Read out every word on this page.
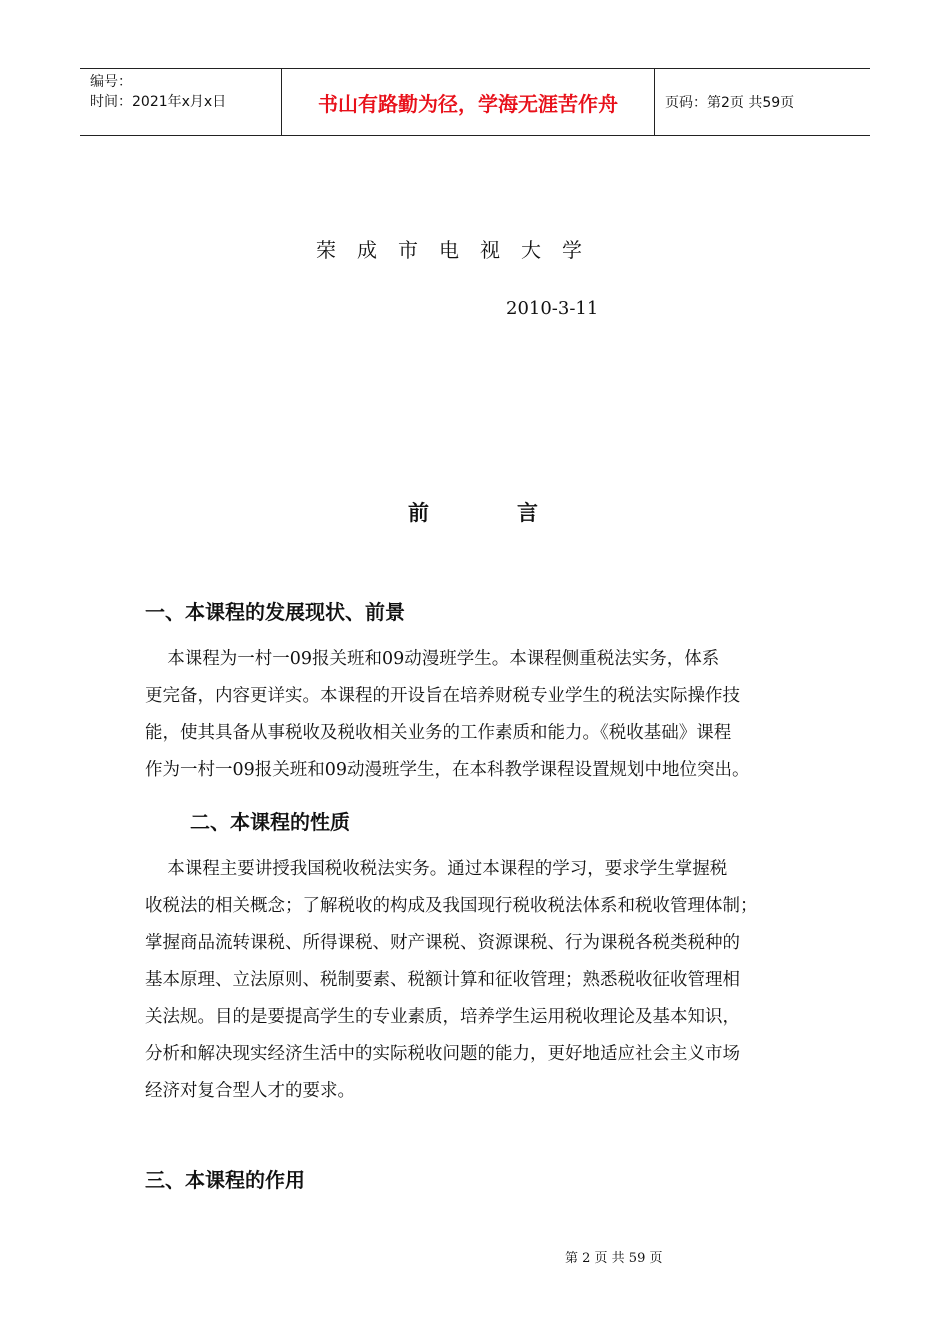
编号：
时间：2021年x月x日	书山有路勤为径，学海无涯苦作舟	页码：第2页 共59页
荣成市电视大学
2010-3-11
前	言
一、本课程的发展现状、前景

本课程为一村一09报关班和09动漫班学生。本课程侧重税法实务，体系

更完备，内容更详实。本课程的开设旨在培养财税专业学生的税法实际操作技

能，使其具备从事税收及税收相关业务的工作素质和能力。《税收基础》课程

作为一村一09报关班和09动漫班学生，在本科教学课程设置规划中地位突出。

二、本课程的性质

本课程主要讲授我国税收税法实务。通过本课程的学习，要求学生掌握税

收税法的相关概念；了解税收的构成及我国现行税收税法体系和税收管理体制；

掌握商品流转课税、所得课税、财产课税、资源课税、行为课税各税类税种的

基本原理、立法原则、税制要素、税额计算和征收管理；熟悉税收征收管理相

关法规。目的是要提高学生的专业素质，培养学生运用税收理论及基本知识，

分析和解决现实经济生活中的实际税收问题的能力，更好地适应社会主义市场

经济对复合型人才的要求。

三、本课程的作用
第 2 页 共 59 页
